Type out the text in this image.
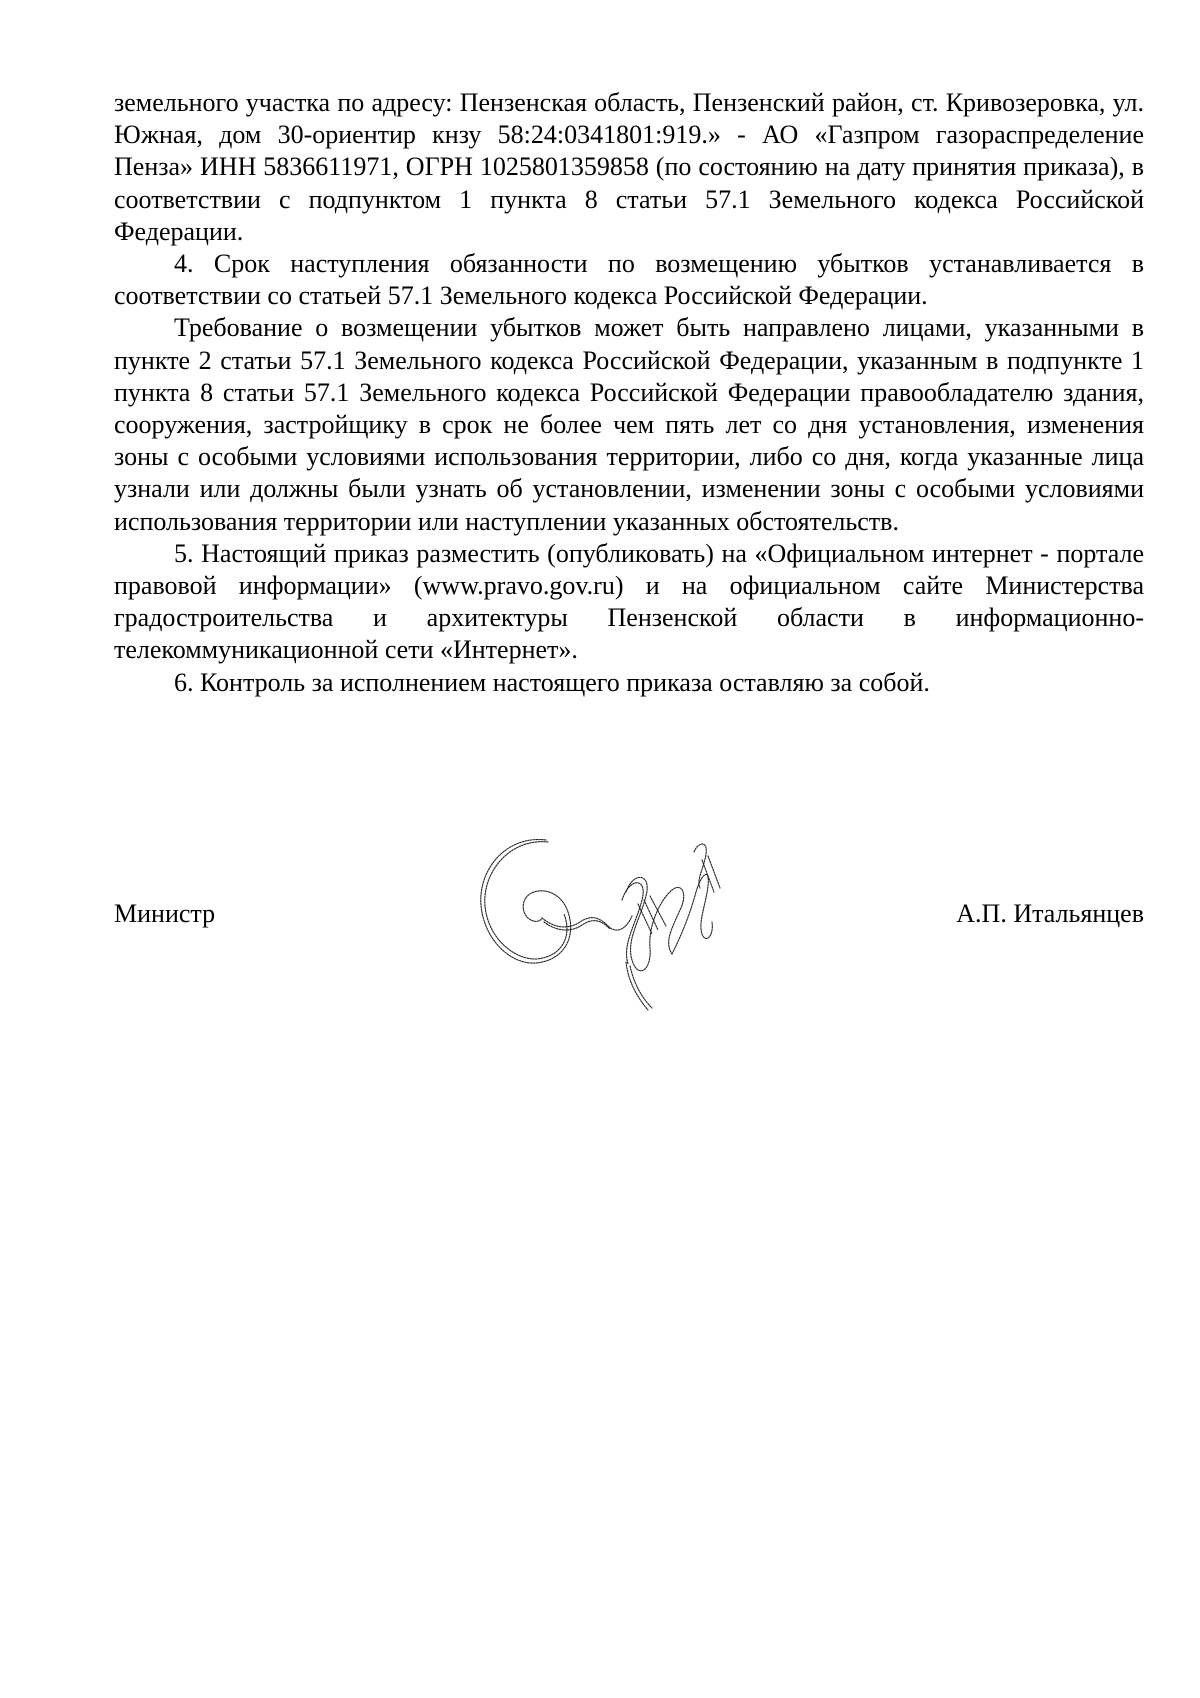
земельного участка по адресу: Пензенская область, Пензенский район, ст. Кривозеровка, ул. Южная, дом 30-ориентир кнзу 58:24:0341801:919.» - АО «Газпром газораспределение Пенза» ИНН 5836611971, ОГРН 1025801359858 (по состоянию на дату принятия приказа), в соответствии с подпунктом 1 пункта 8 статьи 57.1 Земельного кодекса Российской Федерации.

4. Срок наступления обязанности по возмещению убытков устанавливается в соответствии со статьей 57.1 Земельного кодекса Российской Федерации.

Требование о возмещении убытков может быть направлено лицами, указанными в пункте 2 статьи 57.1 Земельного кодекса Российской Федерации, указанным в подпункте 1 пункта 8 статьи 57.1 Земельного кодекса Российской Федерации правообладателю здания, сооружения, застройщику в срок не более чем пять лет со дня установления, изменения зоны с особыми условиями использования территории, либо со дня, когда указанные лица узнали или должны были узнать об установлении, изменении зоны с особыми условиями использования территории или наступлении указанных обстоятельств.

5. Настоящий приказ разместить (опубликовать) на «Официальном интернет - портале правовой информации» (www.pravo.gov.ru) и на официальном сайте Министерства градостроительства и архитектуры Пензенской области в информационно-телекоммуникационной сети «Интернет».

6. Контроль за исполнением настоящего приказа оставляю за собой.

Министр	А.П. Итальянцев
